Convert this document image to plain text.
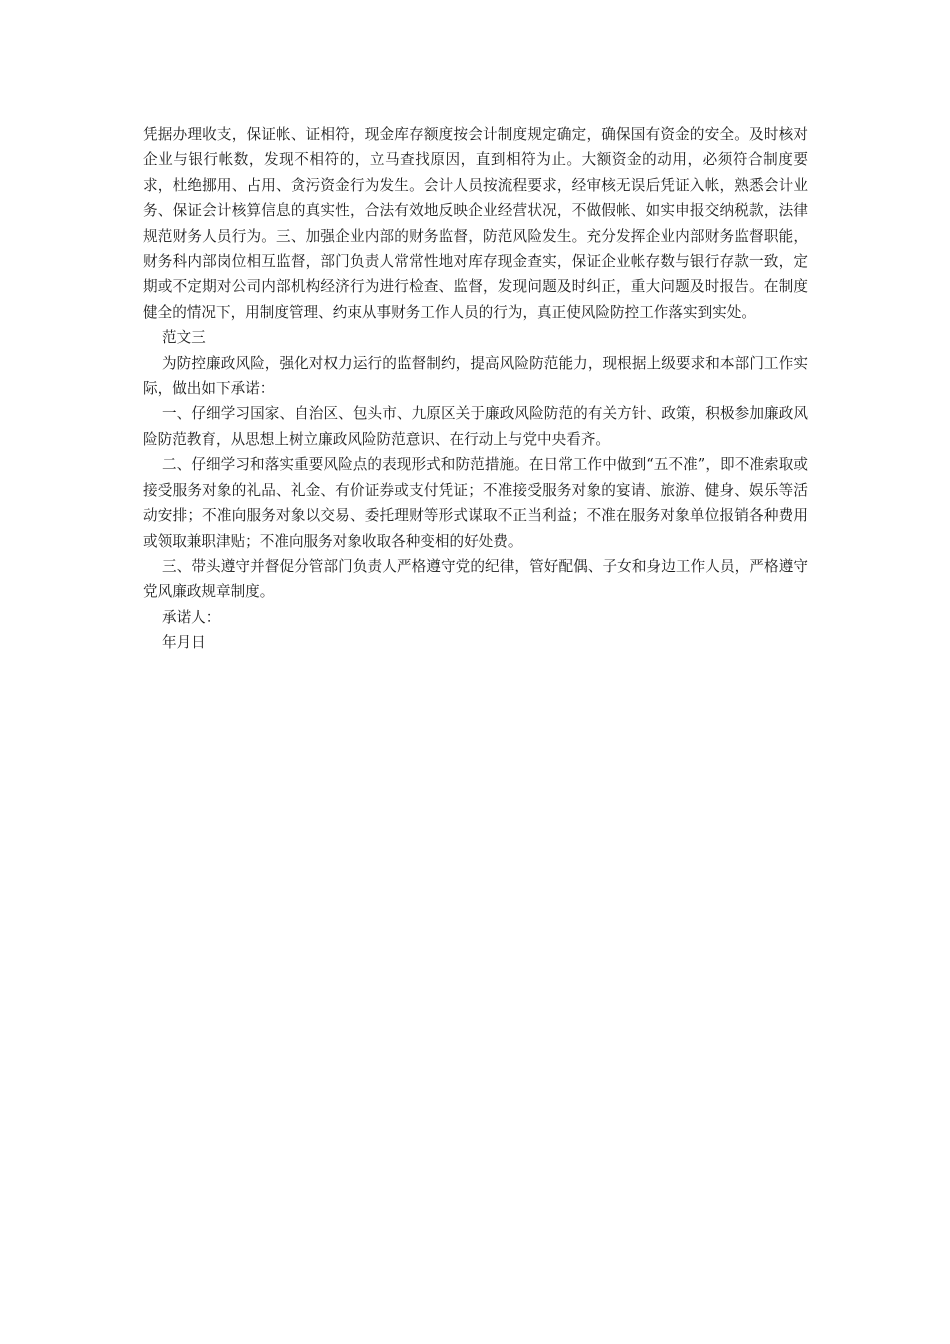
凭据办理收支，保证帐、证相符，现金库存额度按会计制度规定确定，确保国有资金的安全。及时核对企业与银行帐数，发现不相符的，立马查找原因，直到相符为止。大额资金的动用，必须符合制度要求，杜绝挪用、占用、贪污资金行为发生。会计人员按流程要求，经审核无误后凭证入帐，熟悉会计业务、保证会计核算信息的真实性，合法有效地反映企业经营状况，不做假帐、如实申报交纳税款，法律规范财务人员行为。三、加强企业内部的财务监督，防范风险发生。充分发挥企业内部财务监督职能，财务科内部岗位相互监督，部门负责人常常性地对库存现金查实，保证企业帐存数与银行存款一致，定期或不定期对公司内部机构经济行为进行检查、监督，发现问题及时纠正，重大问题及时报告。在制度健全的情况下，用制度管理、约束从事财务工作人员的行为，真正使风险防控工作落实到实处。

范文三

为防控廉政风险，强化对权力运行的监督制约，提高风险防范能力，现根据上级要求和本部门工作实际，做出如下承诺：

一、仔细学习国家、自治区、包头市、九原区关于廉政风险防范的有关方针、政策，积极参加廉政风险防范教育，从思想上树立廉政风险防范意识、在行动上与党中央看齐。

二、仔细学习和落实重要风险点的表现形式和防范措施。在日常工作中做到“五不准”，即不准索取或接受服务对象的礼品、礼金、有价证券或支付凭证；不准接受服务对象的宴请、旅游、健身、娱乐等活动安排；不准向服务对象以交易、委托理财等形式谋取不正当利益；不准在服务对象单位报销各种费用或领取兼职津贴；不准向服务对象收取各种变相的好处费。

三、带头遵守并督促分管部门负责人严格遵守党的纪律，管好配偶、子女和身边工作人员，严格遵守党风廉政规章制度。

承诺人：

年月日
